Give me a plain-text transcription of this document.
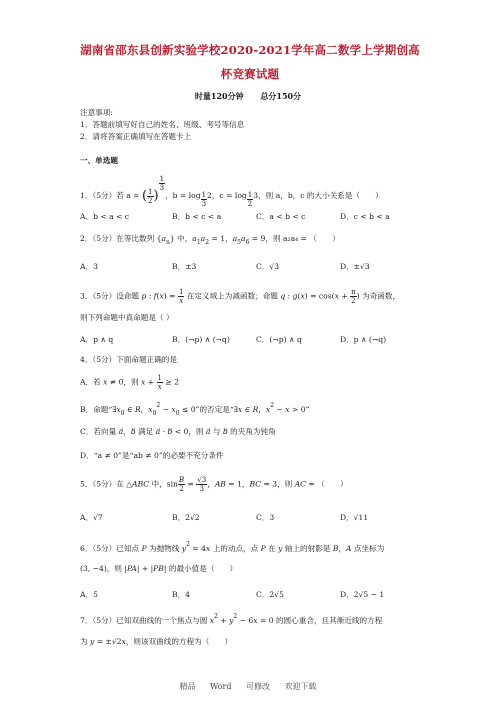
湖南省邵东县创新实验学校2020-2021学年高二数学上学期创高
杯竞赛试题
时量120分钟 总分150分
注意事项:
1．答题前填写好自己的姓名、班级、考号等信息
2．请将答案正确填写在答题卡上
一、单选题
1．（5分）若 a = ( $\frac{1}{2}$ )
$\frac{1}{3}$
，b = log $_{\frac{1}{3}}$ 2，c = log $_{\frac{1}{2}}$ 3，则 a，b，c 的大小关系是（　　）
A．b < a < c	B．b < c < a	C．a < b < c	D．c < b < a
2．（5分）在等比数列 $\{a_n\}$ 中，$a_1a_2 = 1$，$a_5a_6 = 9$，则 a₂a₄ = （　　）
A．3	B．±3	C．√3	D．±√3
3．（5分）设命题 p : $f(x) = \frac{1}{x}$ 在定义域上为减函数；命题 q : $g(x) = \cos(x + \frac{\pi}{2}$ ) 为奇函数，
则下列命题中真命题是（ ）
A．p ∧ q	B．(¬p) ∧ (¬q)	C．(¬p) ∧ q	D．p ∧ (¬q)
4．（5分）下面命题正确的是
A．若 x ≠ 0，则 $x + \frac{1}{x} \ge 2$
B．命题“$\exists x_0$ ∈ R，$x_0^2 - x_0 \le 0$”的否定是“∃x ∈ R，$x^2 - x > 0$”
C．若向量 a⃗，b⃗ 满足 a⃗ · b⃗ < 0，则 a⃗ 与 b⃗ 的夹角为钝角
D．“a ≠ 0”是“ab ≠ 0”的必要不充分条件
5．（5分）在 △ABC 中，$\sin \frac{B}{2} = \frac{√3}{3}$ ，AB = 1，BC = 3，则 AC = （　　）
A．√7	B．2√2	C．3	D．√11
6．（5分）已知点 P 为抛物线 $y^2 = 4x$ 上的动点，点 P 在 y 轴上的射影是 B，A 点坐标为
(3, −4)，则 |PA| + |PB| 的最小值是（　　）
A．5	B．4	C．2√5	D．2√5 − 1
7．（5分）已知双曲线的一个焦点与圆 $x^2 + y^2 - 6x = 0$ 的圆心重合，且其渐近线的方程
为 y = ±√2x，则该双曲线的方程为（　　）
精品 Word 可修改 欢迎下载
